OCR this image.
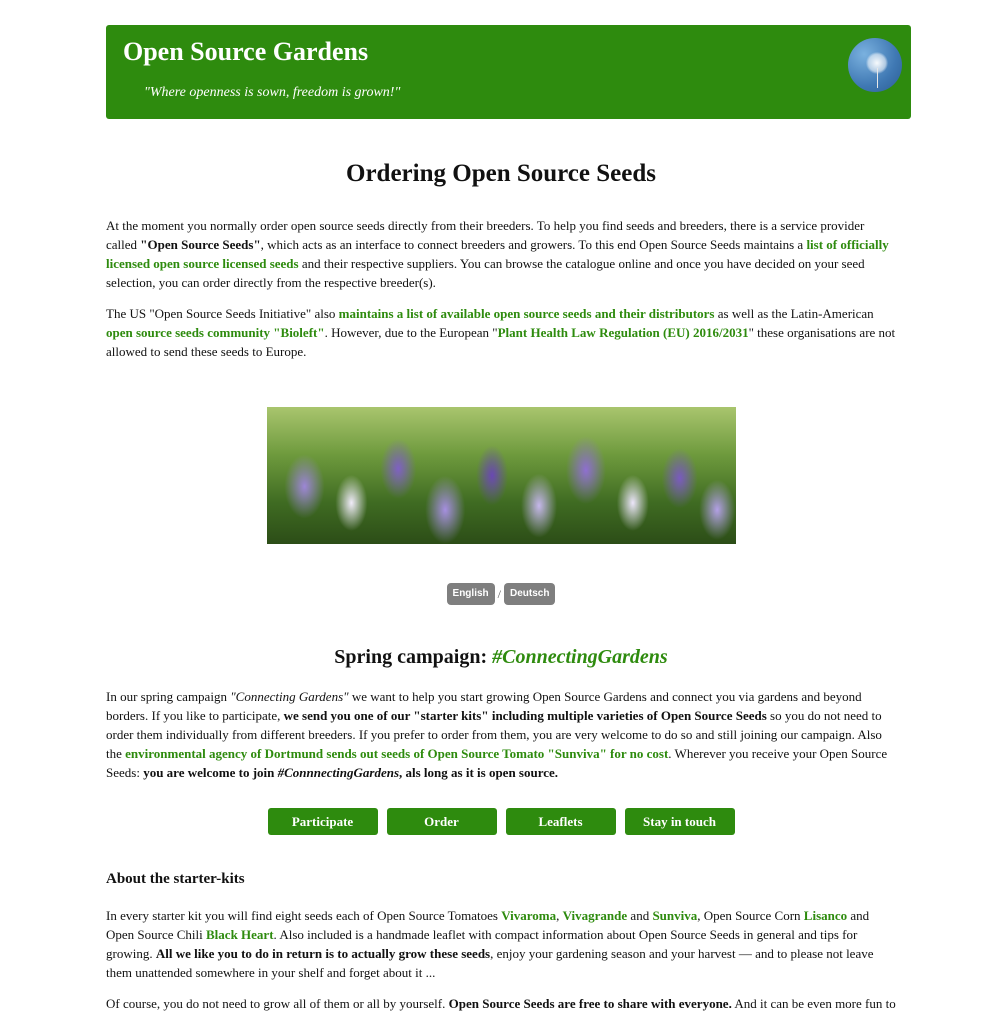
Open Source Gardens

"Where openness is sown, freedom is grown!"

Ordering Open Source Seeds

At the moment you normally order open source seeds directly from their breeders. To help you find seeds and breeders, there is a service provider called "Open Source Seeds", which acts as an interface to connect breeders and growers. To this end Open Source Seeds maintains a list of officially licensed open source licensed seeds and their respective suppliers. You can browse the catalogue online and once you have decided on your seed selection, you can order directly from the respective breeder(s).

The US "Open Source Seeds Initiative" also maintains a list of available open source seeds and their distributors as well as the Latin-American open source seeds community "Bioleft". However, due to the European "Plant Health Law Regulation (EU) 2016/2031" these organisations are not allowed to send these seeds to Europe.

English / Deutsch
Spring campaign: #ConnectingGardens

In our spring campaign "Connecting Gardens" we want to help you start growing Open Source Gardens and connect you via gardens and beyond borders. If you like to participate, we send you one of our "starter kits" including multiple varieties of Open Source Seeds so you do not need to order them individually from different breeders. If you prefer to order from them, you are very welcome to do so and still joining our campaign. Also the environmental agency of Dortmund sends out seeds of Open Source Tomato "Sunviva" for no cost. Wherever you receive your Open Source Seeds: you are welcome to join #ConnnectingGardens, als long as it is open source.

Participate	Order	Leaflets	Stay in touch
About the starter-kits

In every starter kit you will find eight seeds each of Open Source Tomatoes Vivaroma, Vivagrande and Sunviva, Open Source Corn Lisanco and Open Source Chili Black Heart. Also included is a handmade leaflet with compact information about Open Source Seeds in general and tips for growing. All we like you to do in return is to actually grow these seeds, enjoy your gardening season and your harvest — and to please not leave them unattended somewhere in your shelf and forget about it ...

Of course, you do not need to grow all of them or all by yourself. Open Source Seeds are free to share with everyone. And it can be even more fun to
